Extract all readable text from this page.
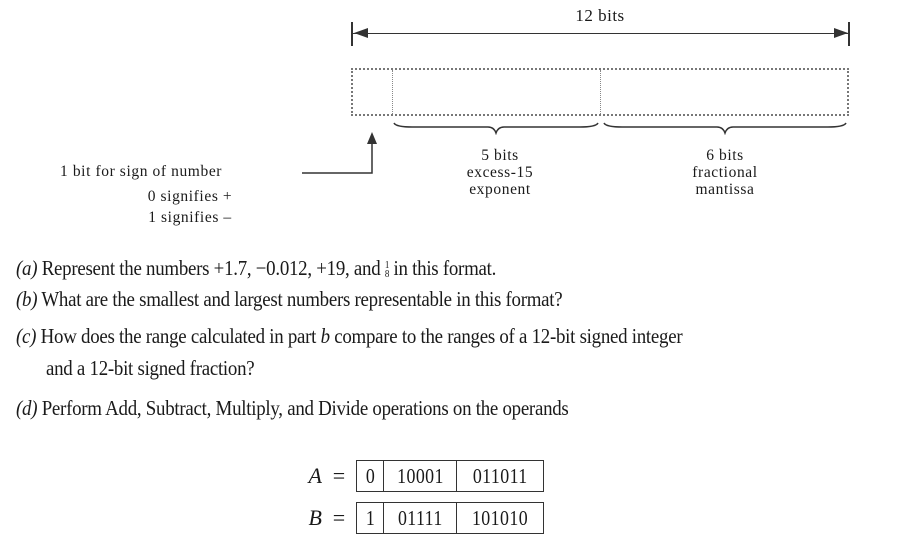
12 bits
5 bits
excess-15
exponent
6 bits
fractional
mantissa
1 bit for sign of number
0 signifies +
1 signifies –
(a) Represent the numbers +1.7, −0.012, +19, and 1
8 in this format.
(b) What are the smallest and largest numbers representable in this format?
(c) How does the range calculated in part b compare to the ranges of a 12-bit signed integer
and a 12-bit signed fraction?
(d) Perform Add, Subtract, Multiply, and Divide operations on the operands
A = 0 10001 011011
B = 1 01111 101010
